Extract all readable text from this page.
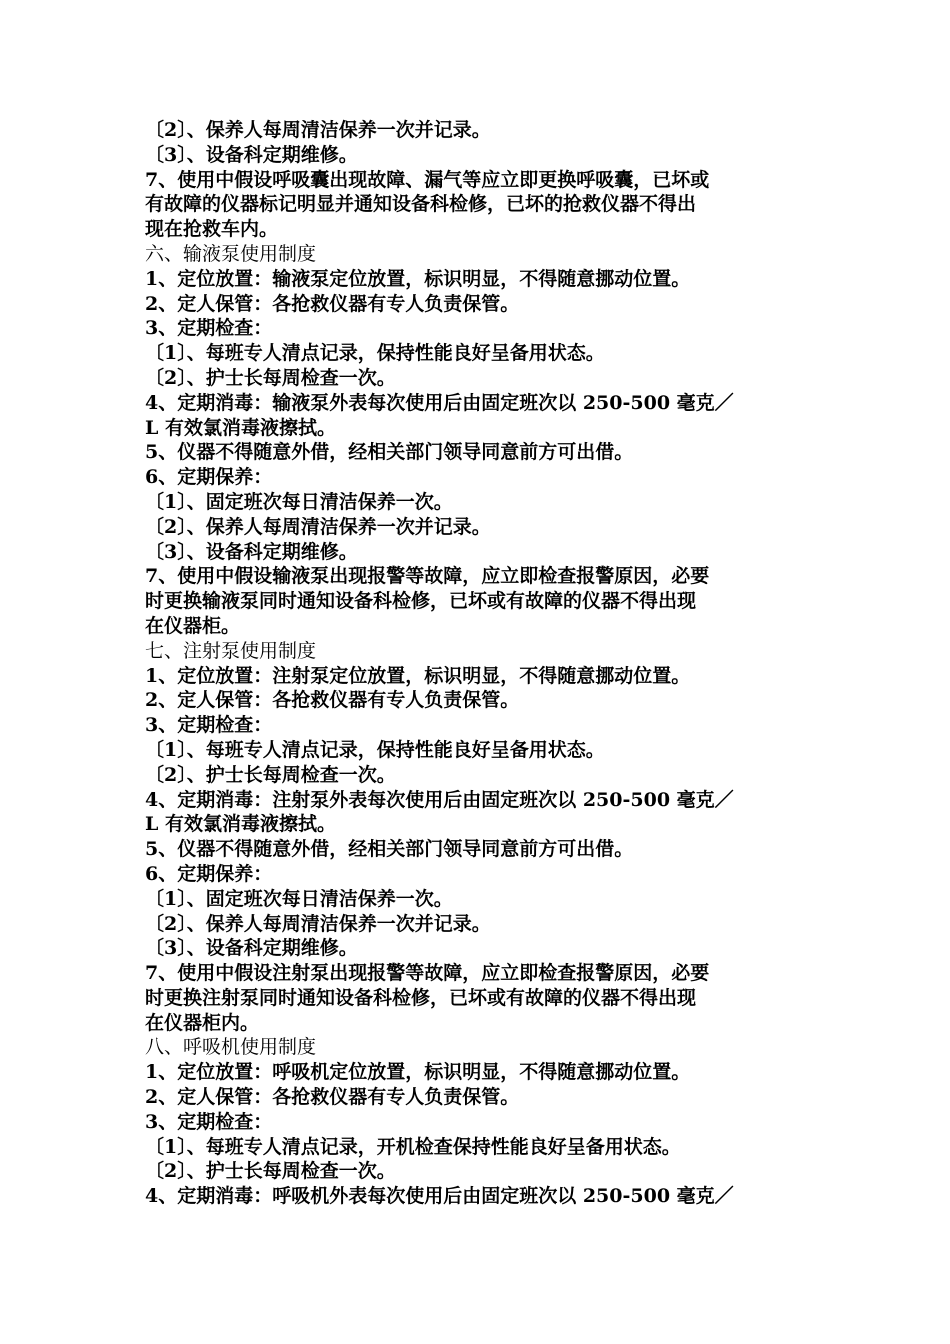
〔2〕、保养人每周清洁保养一次并记录。
〔3〕、设备科定期维修。
7、使用中假设呼吸囊出现故障、漏气等应立即更换呼吸囊，已坏或
有故障的仪器标记明显并通知设备科检修，已坏的抢救仪器不得出
现在抢救车内。
六、输液泵使用制度
1、定位放置：输液泵定位放置，标识明显，不得随意挪动位置。
2、定人保管：各抢救仪器有专人负责保管。
3、定期检查：
〔1〕、每班专人清点记录，保持性能良好呈备用状态。
〔2〕、护士长每周检查一次。
4、定期消毒：输液泵外表每次使用后由固定班次以 250-500 毫克／
L 有效氯消毒液擦拭。
5、仪器不得随意外借，经相关部门领导同意前方可出借。
6、定期保养：
〔1〕、固定班次每日清洁保养一次。
〔2〕、保养人每周清洁保养一次并记录。
〔3〕、设备科定期维修。
7、使用中假设输液泵出现报警等故障，应立即检查报警原因，必要
时更换输液泵同时通知设备科检修，已坏或有故障的仪器不得出现
在仪器柜。
七、注射泵使用制度
1、定位放置：注射泵定位放置，标识明显，不得随意挪动位置。
2、定人保管：各抢救仪器有专人负责保管。
3、定期检查：
〔1〕、每班专人清点记录，保持性能良好呈备用状态。
〔2〕、护士长每周检查一次。
4、定期消毒：注射泵外表每次使用后由固定班次以 250-500 毫克／
L 有效氯消毒液擦拭。
5、仪器不得随意外借，经相关部门领导同意前方可出借。
6、定期保养：
〔1〕、固定班次每日清洁保养一次。
〔2〕、保养人每周清洁保养一次并记录。
〔3〕、设备科定期维修。
7、使用中假设注射泵出现报警等故障，应立即检查报警原因，必要
时更换注射泵同时通知设备科检修，已坏或有故障的仪器不得出现
在仪器柜内。
八、呼吸机使用制度
1、定位放置：呼吸机定位放置，标识明显，不得随意挪动位置。
2、定人保管：各抢救仪器有专人负责保管。
3、定期检查：
〔1〕、每班专人清点记录，开机检查保持性能良好呈备用状态。
〔2〕、护士长每周检查一次。
4、定期消毒：呼吸机外表每次使用后由固定班次以 250-500 毫克／
